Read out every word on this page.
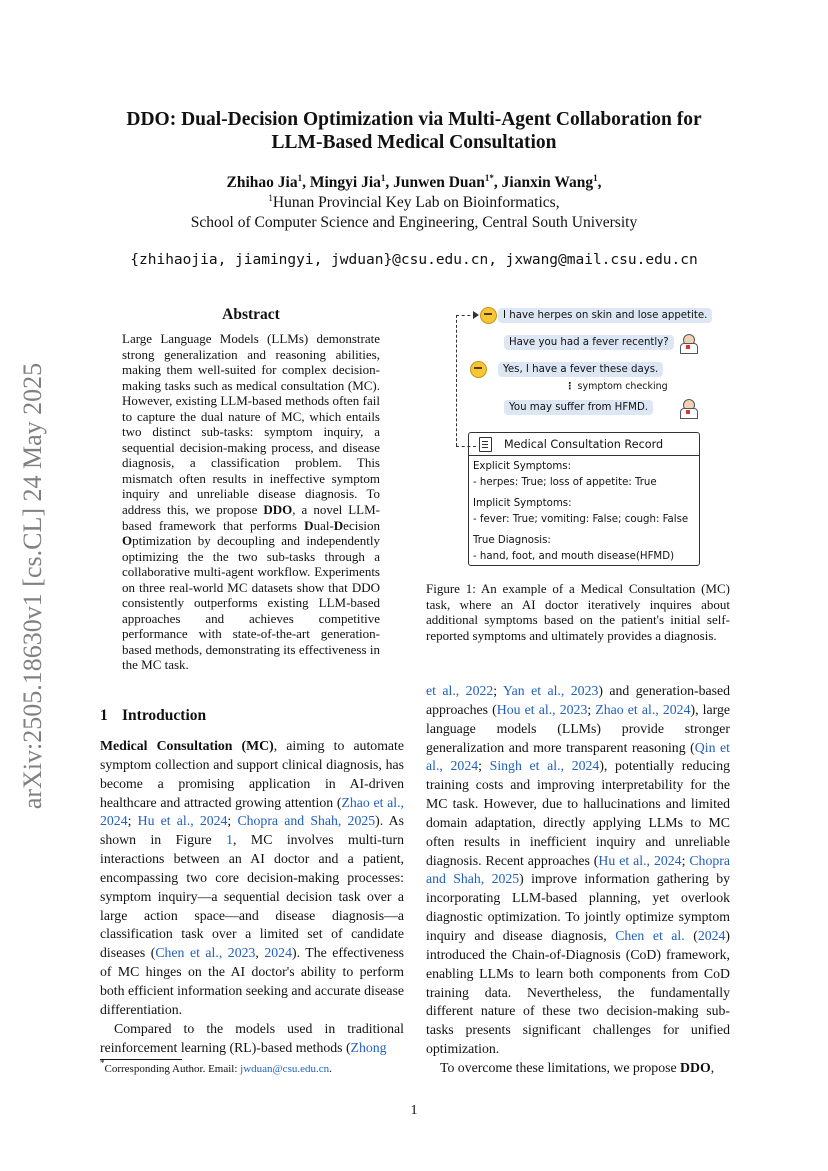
arXiv:2505.18630v1 [cs.CL] 24 May 2025
DDO: Dual-Decision Optimization via Multi-Agent Collaboration for
LLM-Based Medical Consultation
Zhihao Jia$^1$, Mingyi Jia$^1$, Junwen Duan$^{1*}$, Jianxin Wang$^1$,
$^1$Hunan Provincial Key Lab on Bioinformatics,
School of Computer Science and Engineering, Central South University
{zhihaojia, jiamingyi, jwduan}@csu.edu.cn, jxwang@mail.csu.edu.cn
Abstract
Large Language Models (LLMs) demonstrate strong generalization and reasoning abilities, making them well-suited for complex decision-making tasks such as medical consultation (MC). However, existing LLM-based methods often fail to capture the dual nature of MC, which entails two distinct sub-tasks: symptom inquiry, a sequential decision-making process, and disease diagnosis, a classification problem. This mismatch often results in ineffective symptom inquiry and unreliable disease diagnosis. To address this, we propose DDO, a novel LLM-based framework that performs Dual-Decision Optimization by decoupling and independently optimizing the the two sub-tasks through a collaborative multi-agent workflow. Experiments on three real-world MC datasets show that DDO consistently outperforms existing LLM-based approaches and achieves competitive performance with state-of-the-art generation-based methods, demonstrating its effectiveness in the MC task.
1 Introduction

Medical Consultation (MC), aiming to automate symptom collection and support clinical diagnosis, has become a promising application in AI-driven healthcare and attracted growing attention (Zhao et al., 2024; Hu et al., 2024; Chopra and Shah, 2025). As shown in Figure 1, MC involves multi-turn interactions between an AI doctor and a patient, encompassing two core decision-making processes: symptom inquiry—a sequential decision task over a large action space—and disease diagnosis—a classification task over a limited set of candidate diseases (Chen et al., 2023, 2024). The effectiveness of MC hinges on the AI doctor's ability to perform both efficient information seeking and accurate disease differentiation.

Compared to the models used in traditional reinforcement learning (RL)-based methods (Zhong

et al., 2022; Yan et al., 2023) and generation-based approaches (Hou et al., 2023; Zhao et al., 2024), large language models (LLMs) provide stronger generalization and more transparent reasoning (Qin et al., 2024; Singh et al., 2024), potentially reducing training costs and improving interpretability for the MC task. However, due to hallucinations and limited domain adaptation, directly applying LLMs to MC often results in inefficient inquiry and unreliable diagnosis. Recent approaches (Hu et al., 2024; Chopra and Shah, 2025) improve information gathering by incorporating LLM-based planning, yet overlook diagnostic optimization. To jointly optimize symptom inquiry and disease diagnosis, Chen et al. (2024) introduced the Chain-of-Diagnosis (CoD) framework, enabling LLMs to learn both components from CoD training data. Nevertheless, the fundamentally different nature of these two decision-making sub-tasks presents significant challenges for unified optimization.

To overcome these limitations, we propose DDO,

I have herpes on skin and lose appetite.
Have you had a fever recently?
Yes, I have a fever these days.
⋮ symptom checking
You may suffer from HFMD.
Medical Consultation Record
Explicit Symptoms:
- herpes: True; loss of appetite: True
Implicit Symptoms:
- fever: True; vomiting: False; cough: False
True Diagnosis:
- hand, foot, and mouth disease(HFMD)
Figure 1: An example of a Medical Consultation (MC) task, where an AI doctor iteratively inquires about additional symptoms based on the patient's initial self-reported symptoms and ultimately provides a diagnosis.
*Corresponding Author. Email: jwduan@csu.edu.cn.
1
